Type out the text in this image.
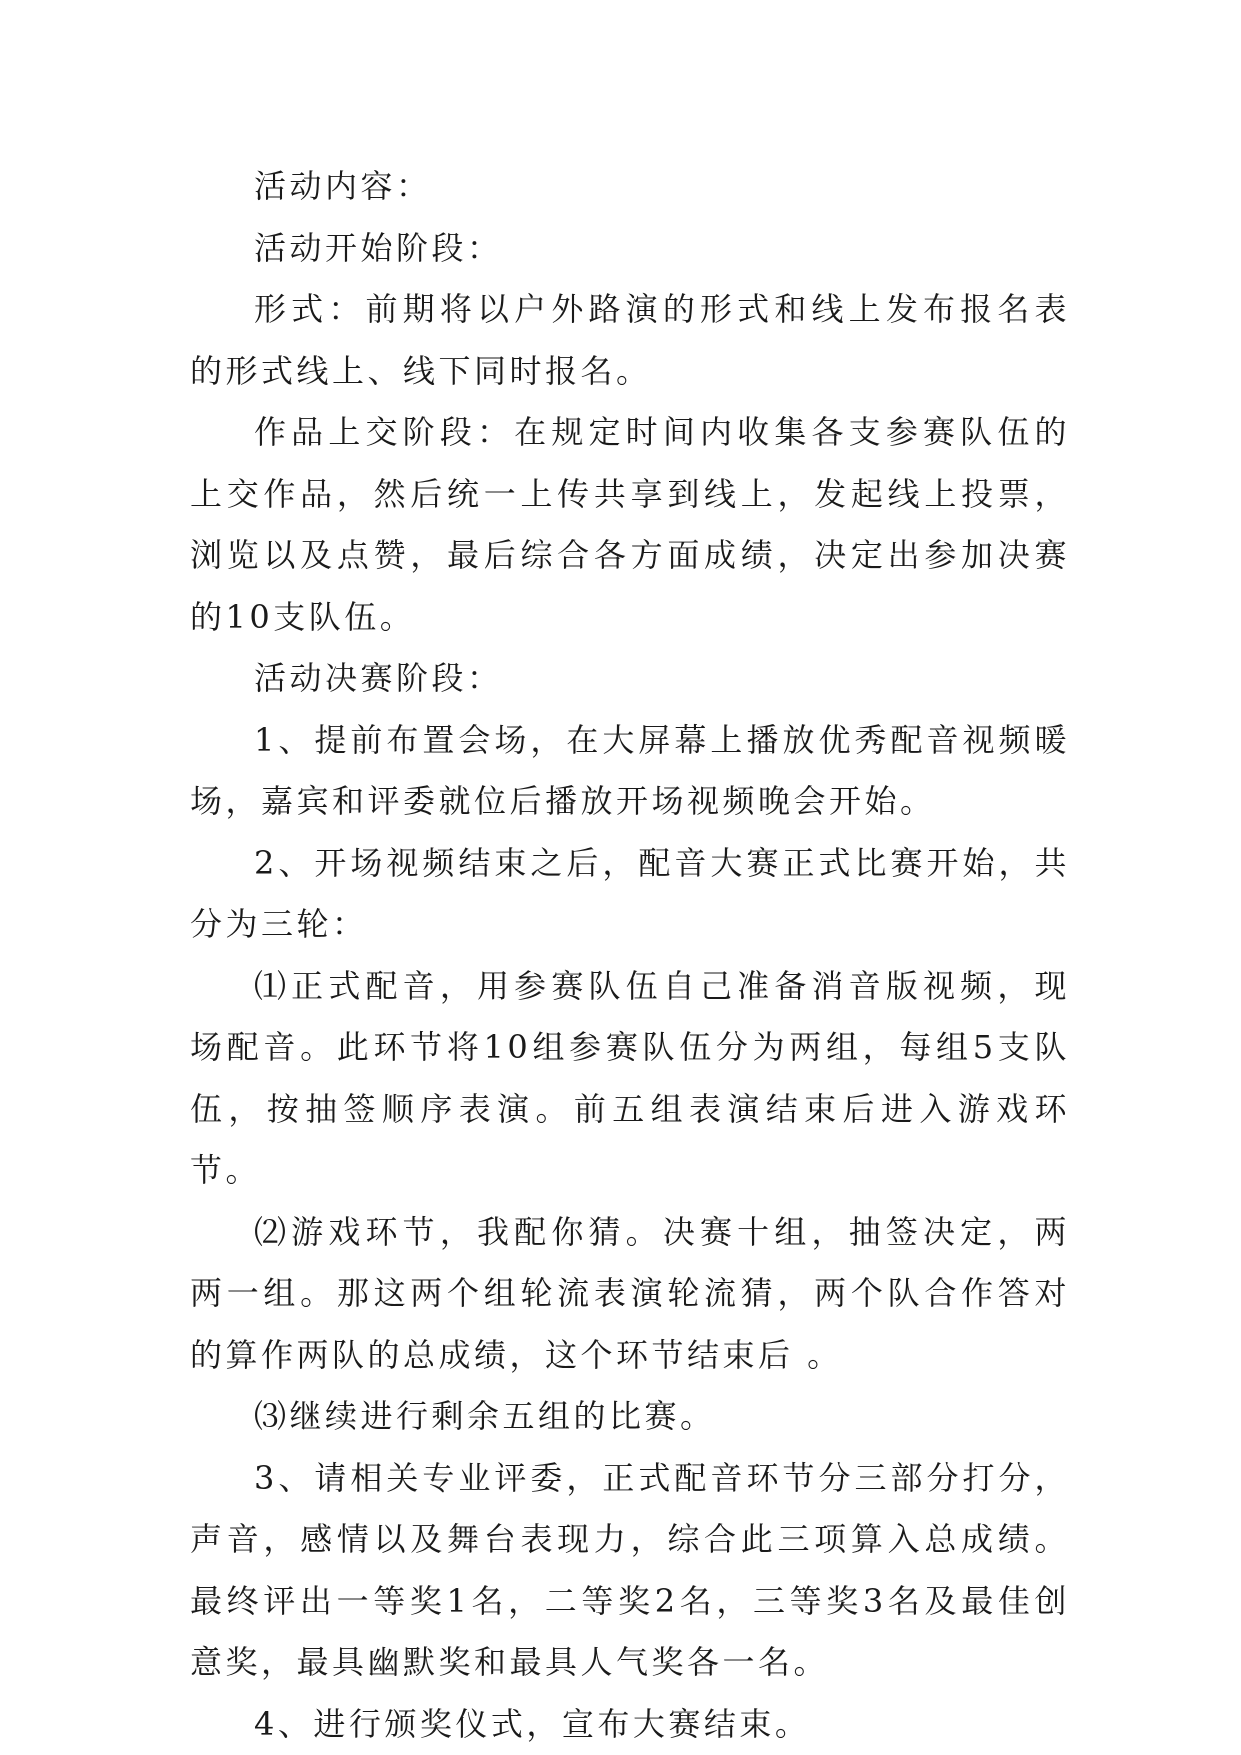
活动内容：

活动开始阶段：

形式：前期将以户外路演的形式和线上发布报名表的形式线上、线下同时报名。

作品上交阶段：在规定时间内收集各支参赛队伍的上交作品，然后统一上传共享到线上，发起线上投票，浏览以及点赞，最后综合各方面成绩，决定出参加决赛的10支队伍。

活动决赛阶段：

1、提前布置会场，在大屏幕上播放优秀配音视频暖场，嘉宾和评委就位后播放开场视频晚会开始。

2、开场视频结束之后，配音大赛正式比赛开始，共分为三轮：

⑴正式配音，用参赛队伍自己准备消音版视频，现场配音。此环节将10组参赛队伍分为两组，每组5支队伍，按抽签顺序表演。前五组表演结束后进入游戏环节。

⑵游戏环节，我配你猜。决赛十组，抽签决定，两两一组。那这两个组轮流表演轮流猜，两个队合作答对的算作两队的总成绩，这个环节结束后 。

⑶继续进行剩余五组的比赛。

3、请相关专业评委，正式配音环节分三部分打分，声音，感情以及舞台表现力，综合此三项算入总成绩。最终评出一等奖1名，二等奖2名，三等奖3名及最佳创意奖，最具幽默奖和最具人气奖各一名。

4、进行颁奖仪式，宣布大赛结束。
